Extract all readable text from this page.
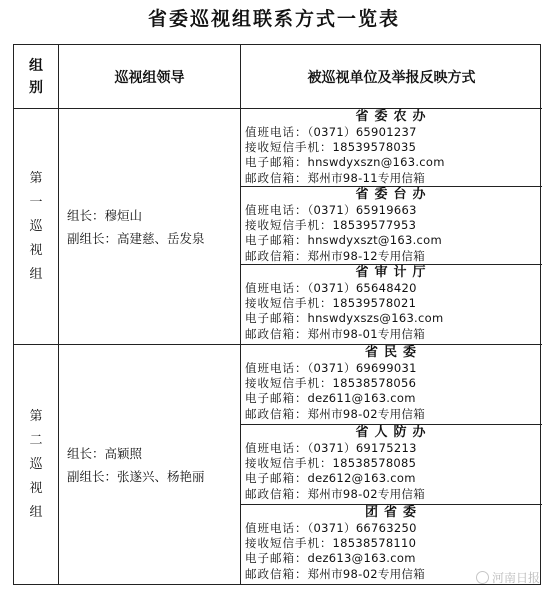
省委巡视组联系方式一览表
组
别
巡视组领导	被巡视单位及举报反映方式
第
一
巡
视
组
组长：穆烜山
副组长：高建慈、岳发泉
省委农办
值班电话：（0371）65901237
接收短信手机：18539578035
电子邮箱：hnswdyxszn@163.com
邮政信箱：郑州市98-11专用信箱
省委台办
值班电话：（0371）65919663
接收短信手机：18539577953
电子邮箱：hnswdyxszt@163.com
邮政信箱：郑州市98-12专用信箱
省审计厅
值班电话：（0371）65648420
接收短信手机：18539578021
电子邮箱：hnswdyxszs@163.com
邮政信箱：郑州市98-01专用信箱
第
二
巡
视
组
组长：高颖照
副组长：张遂兴、杨艳丽
省民委
值班电话：（0371）69699031
接收短信手机：18538578056
电子邮箱：dez611@163.com
邮政信箱：郑州市98-02专用信箱
省人防办
值班电话：（0371）69175213
接收短信手机：18538578085
电子邮箱：dez612@163.com
邮政信箱：郑州市98-02专用信箱
团省委
值班电话：（0371）66763250
接收短信手机：18538578110
电子邮箱：dez613@163.com
邮政信箱：郑州市98-02专用信箱	河南日报
